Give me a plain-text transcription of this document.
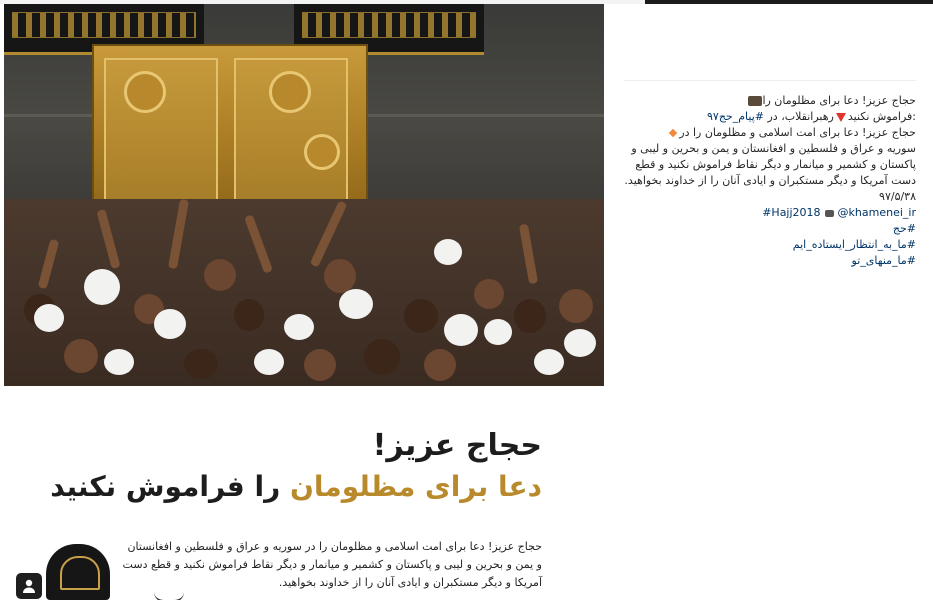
حجاج عزیز!
دعا برای مظلومان را فراموش نکنید
حجاج عزیز! دعا برای امت اسلامی و مظلومان را در سوریه و عراق و فلسطین و افغانستان و یمن و بحرین و لیبی و پاکستان و کشمیر و میانمار و دیگر نقاط فراموش نکنید و قطع دست آمریکا و دیگر مستکبران و ایادی آنان را از خداوند بخواهید.
حجاج عزیز! دعا برای مظلومان را
:فراموش نکنیدرهبرانقلاب، در #پیام_حج۹۷
حجاج عزیز! دعا برای امت اسلامی و مظلومان را در
سوریه و عراق و فلسطین و افغانستان و یمن و بحرین و لیبی و پاکستان و کشمیر و میانمار و دیگر نقاط فراموش نکنید و قطع دست آمریکا و دیگر مستکبران و ایادی آنان را از خداوند بخواهید. ۹۷/۵/۳۸
#Hajj2018 @khamenei_ir
#حج
#ما_به_انتظار_ایستاده_ایم
#ما_منهای_تو
